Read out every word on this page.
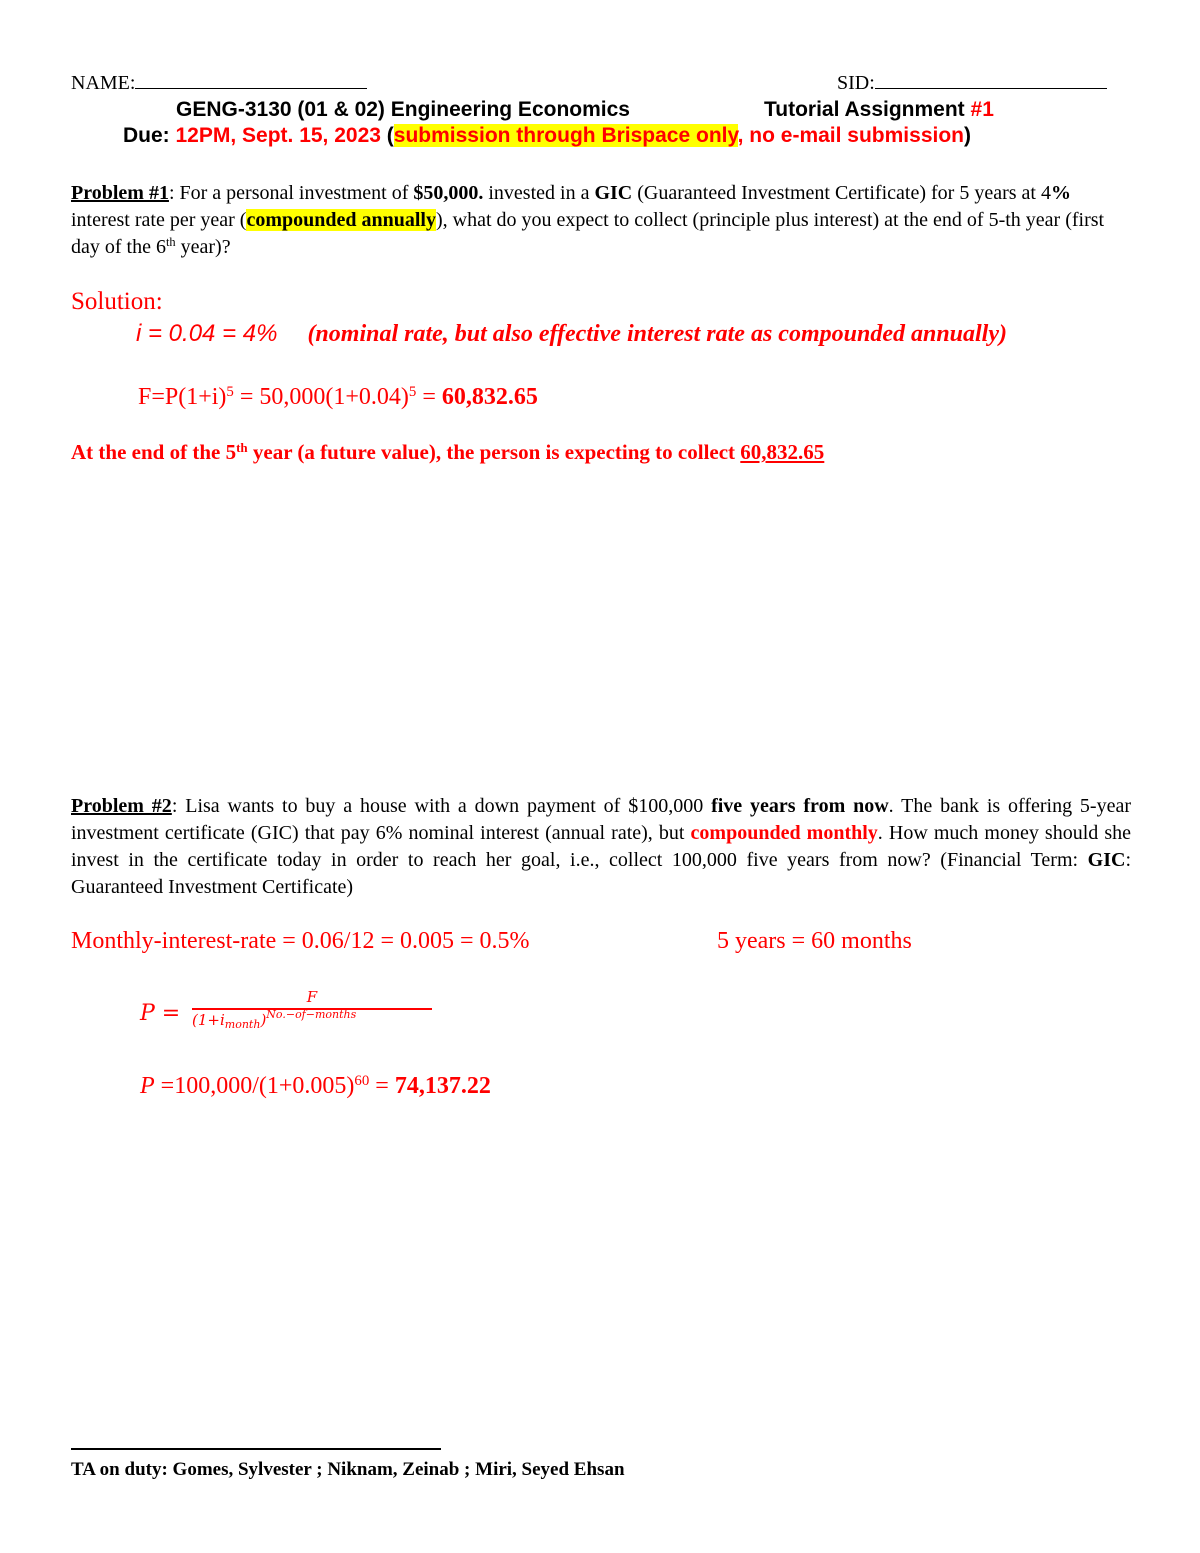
NAME:	SID:
GENG-3130 (01 & 02) Engineering Economics	Tutorial Assignment #1
Due: 12PM, Sept. 15, 2023 (submission through Brispace only, no e-mail submission)
Problem #1: For a personal investment of $50,000. invested in a GIC (Guaranteed Investment Certificate) for 5 years at 4% interest rate per year (compounded annually), what do you expect to collect (principle plus interest) at the end of 5-th year (first day of the 6th year)?
Solution:
i = 0.04 = 4% (nominal rate, but also effective interest rate as compounded annually)
$F=P(1+i)^5 = 50,000(1+0.04)^5 = 60,832.65$
At the end of the 5th year (a future value), the person is expecting to collect 60,832.65
Problem #2: Lisa wants to buy a house with a down payment of $100,000 five years from now. The bank is offering 5-year investment certificate (GIC) that pay 6% nominal interest (annual rate), but compounded monthly. How much money should she invest in the certificate today in order to reach her goal, i.e., collect 100,000 five years from now? (Financial Term: GIC: Guaranteed Investment Certificate)
Monthly-interest-rate = 0.06/12 = 0.005 = 0.5%	5 years = 60 months
P =
F
$(1+i_{month})^{No.-of-months}$
$P =100,000/(1+0.005)^{60} = 74,137.22$
TA on duty: Gomes, Sylvester ; Niknam, Zeinab ; Miri, Seyed Ehsan
